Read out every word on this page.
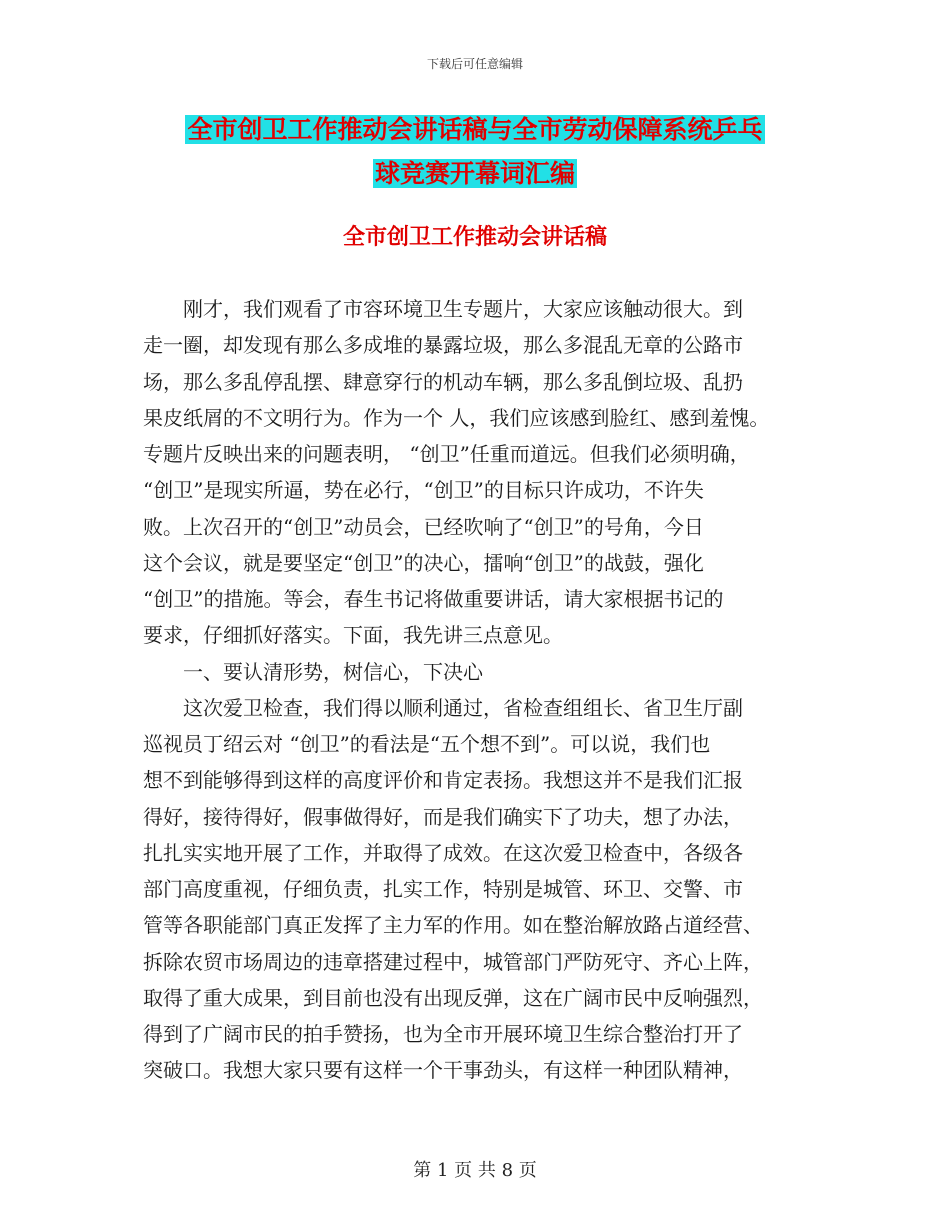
下载后可任意编辑
全市创卫工作推动会讲话稿与全市劳动保障系统乒乓
球竞赛开幕词汇编
全市创卫工作推动会讲话稿
　　刚才，我们观看了市容环境卫生专题片，大家应该触动很大。到
走一圈，却发现有那么多成堆的暴露垃圾，那么多混乱无章的公路市
场，那么多乱停乱摆、肆意穿行的机动车辆，那么多乱倒垃圾、乱扔
果皮纸屑的不文明行为。作为一个 人，我们应该感到脸红、感到羞愧。
专题片反映出来的问题表明， “创卫”任重而道远。但我们必须明确，
“创卫”是现实所逼，势在必行，“创卫”的目标只许成功，不许失
败。上次召开的“创卫”动员会，已经吹响了“创卫”的号角，今日
这个会议，就是要坚定“创卫”的决心，擂响“创卫”的战鼓，强化
“创卫”的措施。等会，春生书记将做重要讲话，请大家根据书记的
要求，仔细抓好落实。下面，我先讲三点意见。
　　一、要认清形势，树信心，下决心
　　这次爱卫检查，我们得以顺利通过，省检查组组长、省卫生厅副
巡视员丁绍云对 “创卫”的看法是“五个想不到”。可以说，我们也
想不到能够得到这样的高度评价和肯定表扬。我想这并不是我们汇报
得好，接待得好，假事做得好，而是我们确实下了功夫，想了办法，
扎扎实实地开展了工作，并取得了成效。在这次爱卫检查中，各级各
部门高度重视，仔细负责，扎实工作，特别是城管、环卫、交警、市
管等各职能部门真正发挥了主力军的作用。如在整治解放路占道经营、
拆除农贸市场周边的违章搭建过程中，城管部门严防死守、齐心上阵，
取得了重大成果，到目前也没有出现反弹，这在广阔市民中反响强烈，
得到了广阔市民的拍手赞扬，也为全市开展环境卫生综合整治打开了
突破口。我想大家只要有这样一个干事劲头，有这样一种团队精神，
第 1 页 共 8 页
